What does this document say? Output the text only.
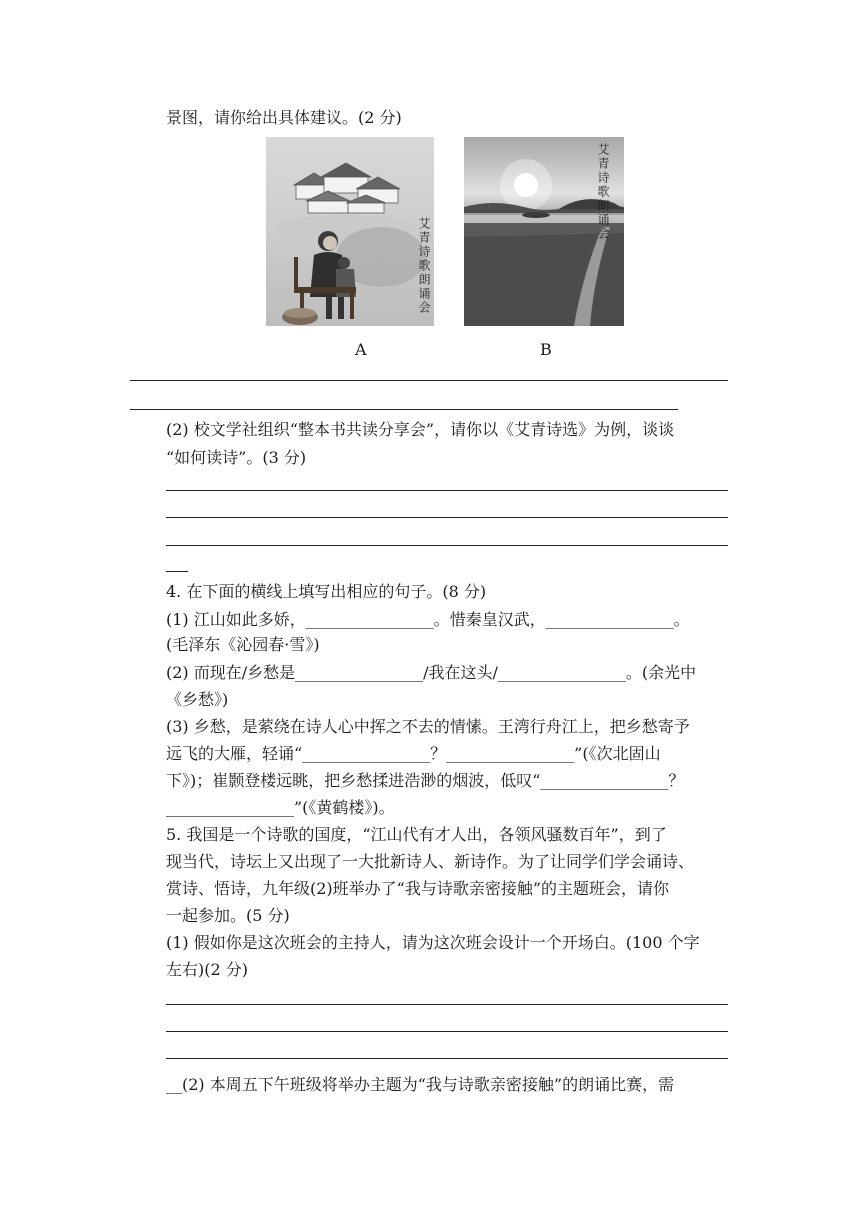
景图，请你给出具体建议。(2 分)
艾青诗歌朗诵会
艾青诗歌朗诵会
A	B
(2) 校文学社组织“整本书共读分享会”，请你以《艾青诗选》为例，谈谈
“如何读诗”。(3 分)
4. 在下面的横线上填写出相应的句子。(8 分)
(1) 江山如此多娇，________________。惜秦皇汉武，________________。
(毛泽东《沁园春·雪》)
(2) 而现在/乡愁是________________/我在这头/________________。(余光中
《乡愁》)
(3) 乡愁，是萦绕在诗人心中挥之不去的情愫。王湾行舟江上，把乡愁寄予
远飞的大雁，轻诵“________________？________________”(《次北固山
下》)；崔颢登楼远眺，把乡愁揉进浩渺的烟波，低叹“________________？
________________”(《黄鹤楼》)。
5. 我国是一个诗歌的国度，“江山代有才人出，各领风骚数百年”，到了
现当代，诗坛上又出现了一大批新诗人、新诗作。为了让同学们学会诵诗、
赏诗、悟诗，九年级(2)班举办了“我与诗歌亲密接触”的主题班会，请你
一起参加。(5 分)
(1) 假如你是这次班会的主持人，请为这次班会设计一个开场白。(100 个字
左右)(2 分)
__(2) 本周五下午班级将举办主题为“我与诗歌亲密接触”的朗诵比赛，需
